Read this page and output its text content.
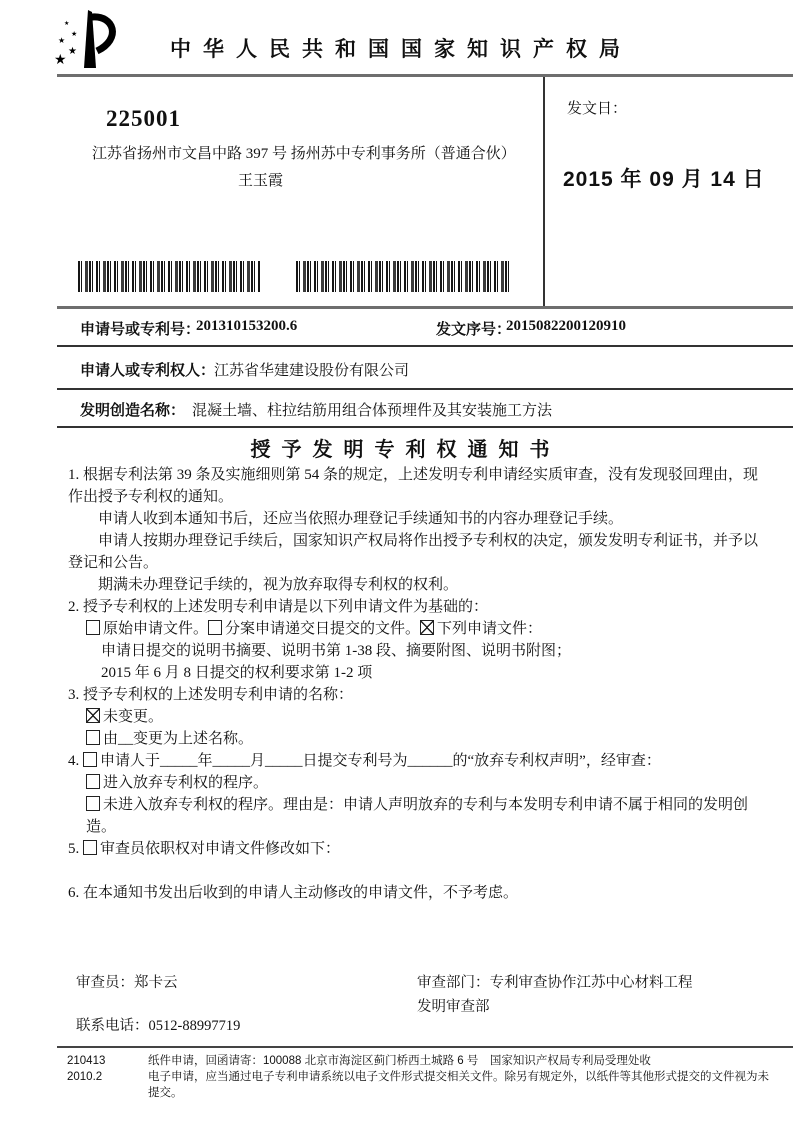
★
★
★
★
★
中华人民共和国国家知识产权局
225001
江苏省扬州市文昌中路 397 号 扬州苏中专利事务所（普通合伙）
王玉霞
发文日：
2015 年 09 月 14 日
申请号或专利号：
201310153200.6	发文序号：
2015082200120910
申请人或专利权人：
江苏省华建建设股份有限公司
发明创造名称： 混凝土墙、柱拉结筋用组合体预埋件及其安装施工方法
授予发明专利权通知书
1. 根据专利法第 39 条及实施细则第 54 条的规定，上述发明专利申请经实质审查，没有发现驳回理由，现作出授予专利权的通知。
申请人收到本通知书后，还应当依照办理登记手续通知书的内容办理登记手续。
申请人按期办理登记手续后，国家知识产权局将作出授予专利权的决定，颁发发明专利证书，并予以登记和公告。
期满未办理登记手续的，视为放弃取得专利权的权利。
2. 授予专利权的上述发明专利申请是以下列申请文件为基础的：
原始申请文件。 分案申请递交日提交的文件。 下列申请文件：
申请日提交的说明书摘要、说明书第 1-38 段、摘要附图、说明书附图；
2015 年 6 月 8 日提交的权利要求第 1-2 项
3. 授予专利权的上述发明专利申请的名称：
未变更。
由__变更为上述名称。
4. 申请人于_____年_____月_____日提交专利号为______的“放弃专利权声明”，经审查：
进入放弃专利权的程序。
未进入放弃专利权的程序。理由是：申请人声明放弃的专利与本发明专利申请不属于相同的发明创造。
5. 审查员依职权对申请文件修改如下：
6. 在本通知书发出后收到的申请人主动修改的申请文件，不予考虑。
审查员：郑卡云	审查部门：专利审查协作江苏中心材料工程
发明审查部
联系电话：0512-88997719
210413
2010.2
纸件申请，回函请寄：100088 北京市海淀区蓟门桥西土城路 6 号　国家知识产权局专利局受理处收
电子申请，应当通过电子专利申请系统以电子文件形式提交相关文件。除另有规定外，以纸件等其他形式提交的文件视为未提交。
